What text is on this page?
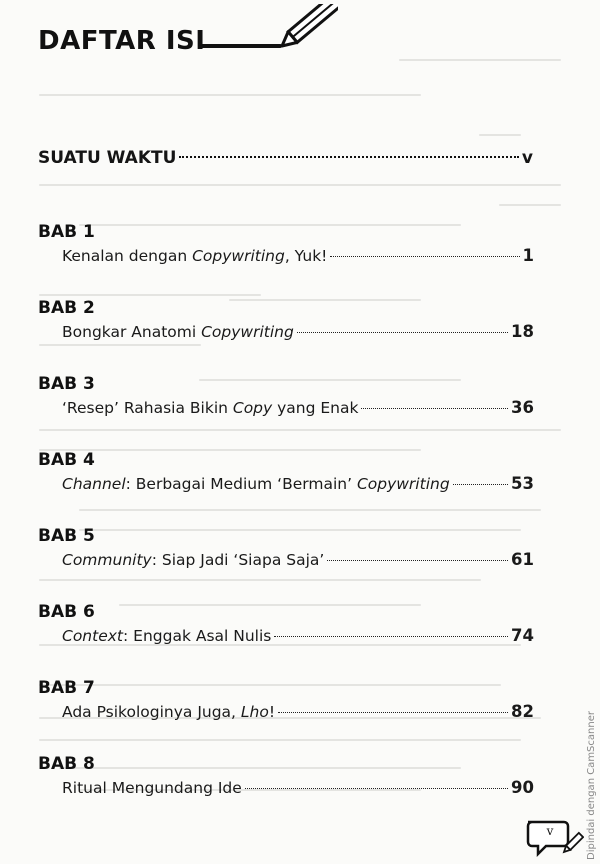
DAFTAR ISI
SUATU WAKTU	v
BAB 1
Kenalan dengan Copywriting, Yuk!	1
BAB 2
Bongkar Anatomi Copywriting	18
BAB 3
‘Resep’ Rahasia Bikin Copy yang Enak	36
BAB 4
Channel: Berbagai Medium ‘Bermain’ Copywriting	53
BAB 5
Community: Siap Jadi ‘Siapa Saja’	61
BAB 6
Context: Enggak Asal Nulis	74
BAB 7
Ada Psikologinya Juga, Lho!	82
BAB 8
Ritual Mengundang Ide	90
v	Dipindai dengan CamScanner
